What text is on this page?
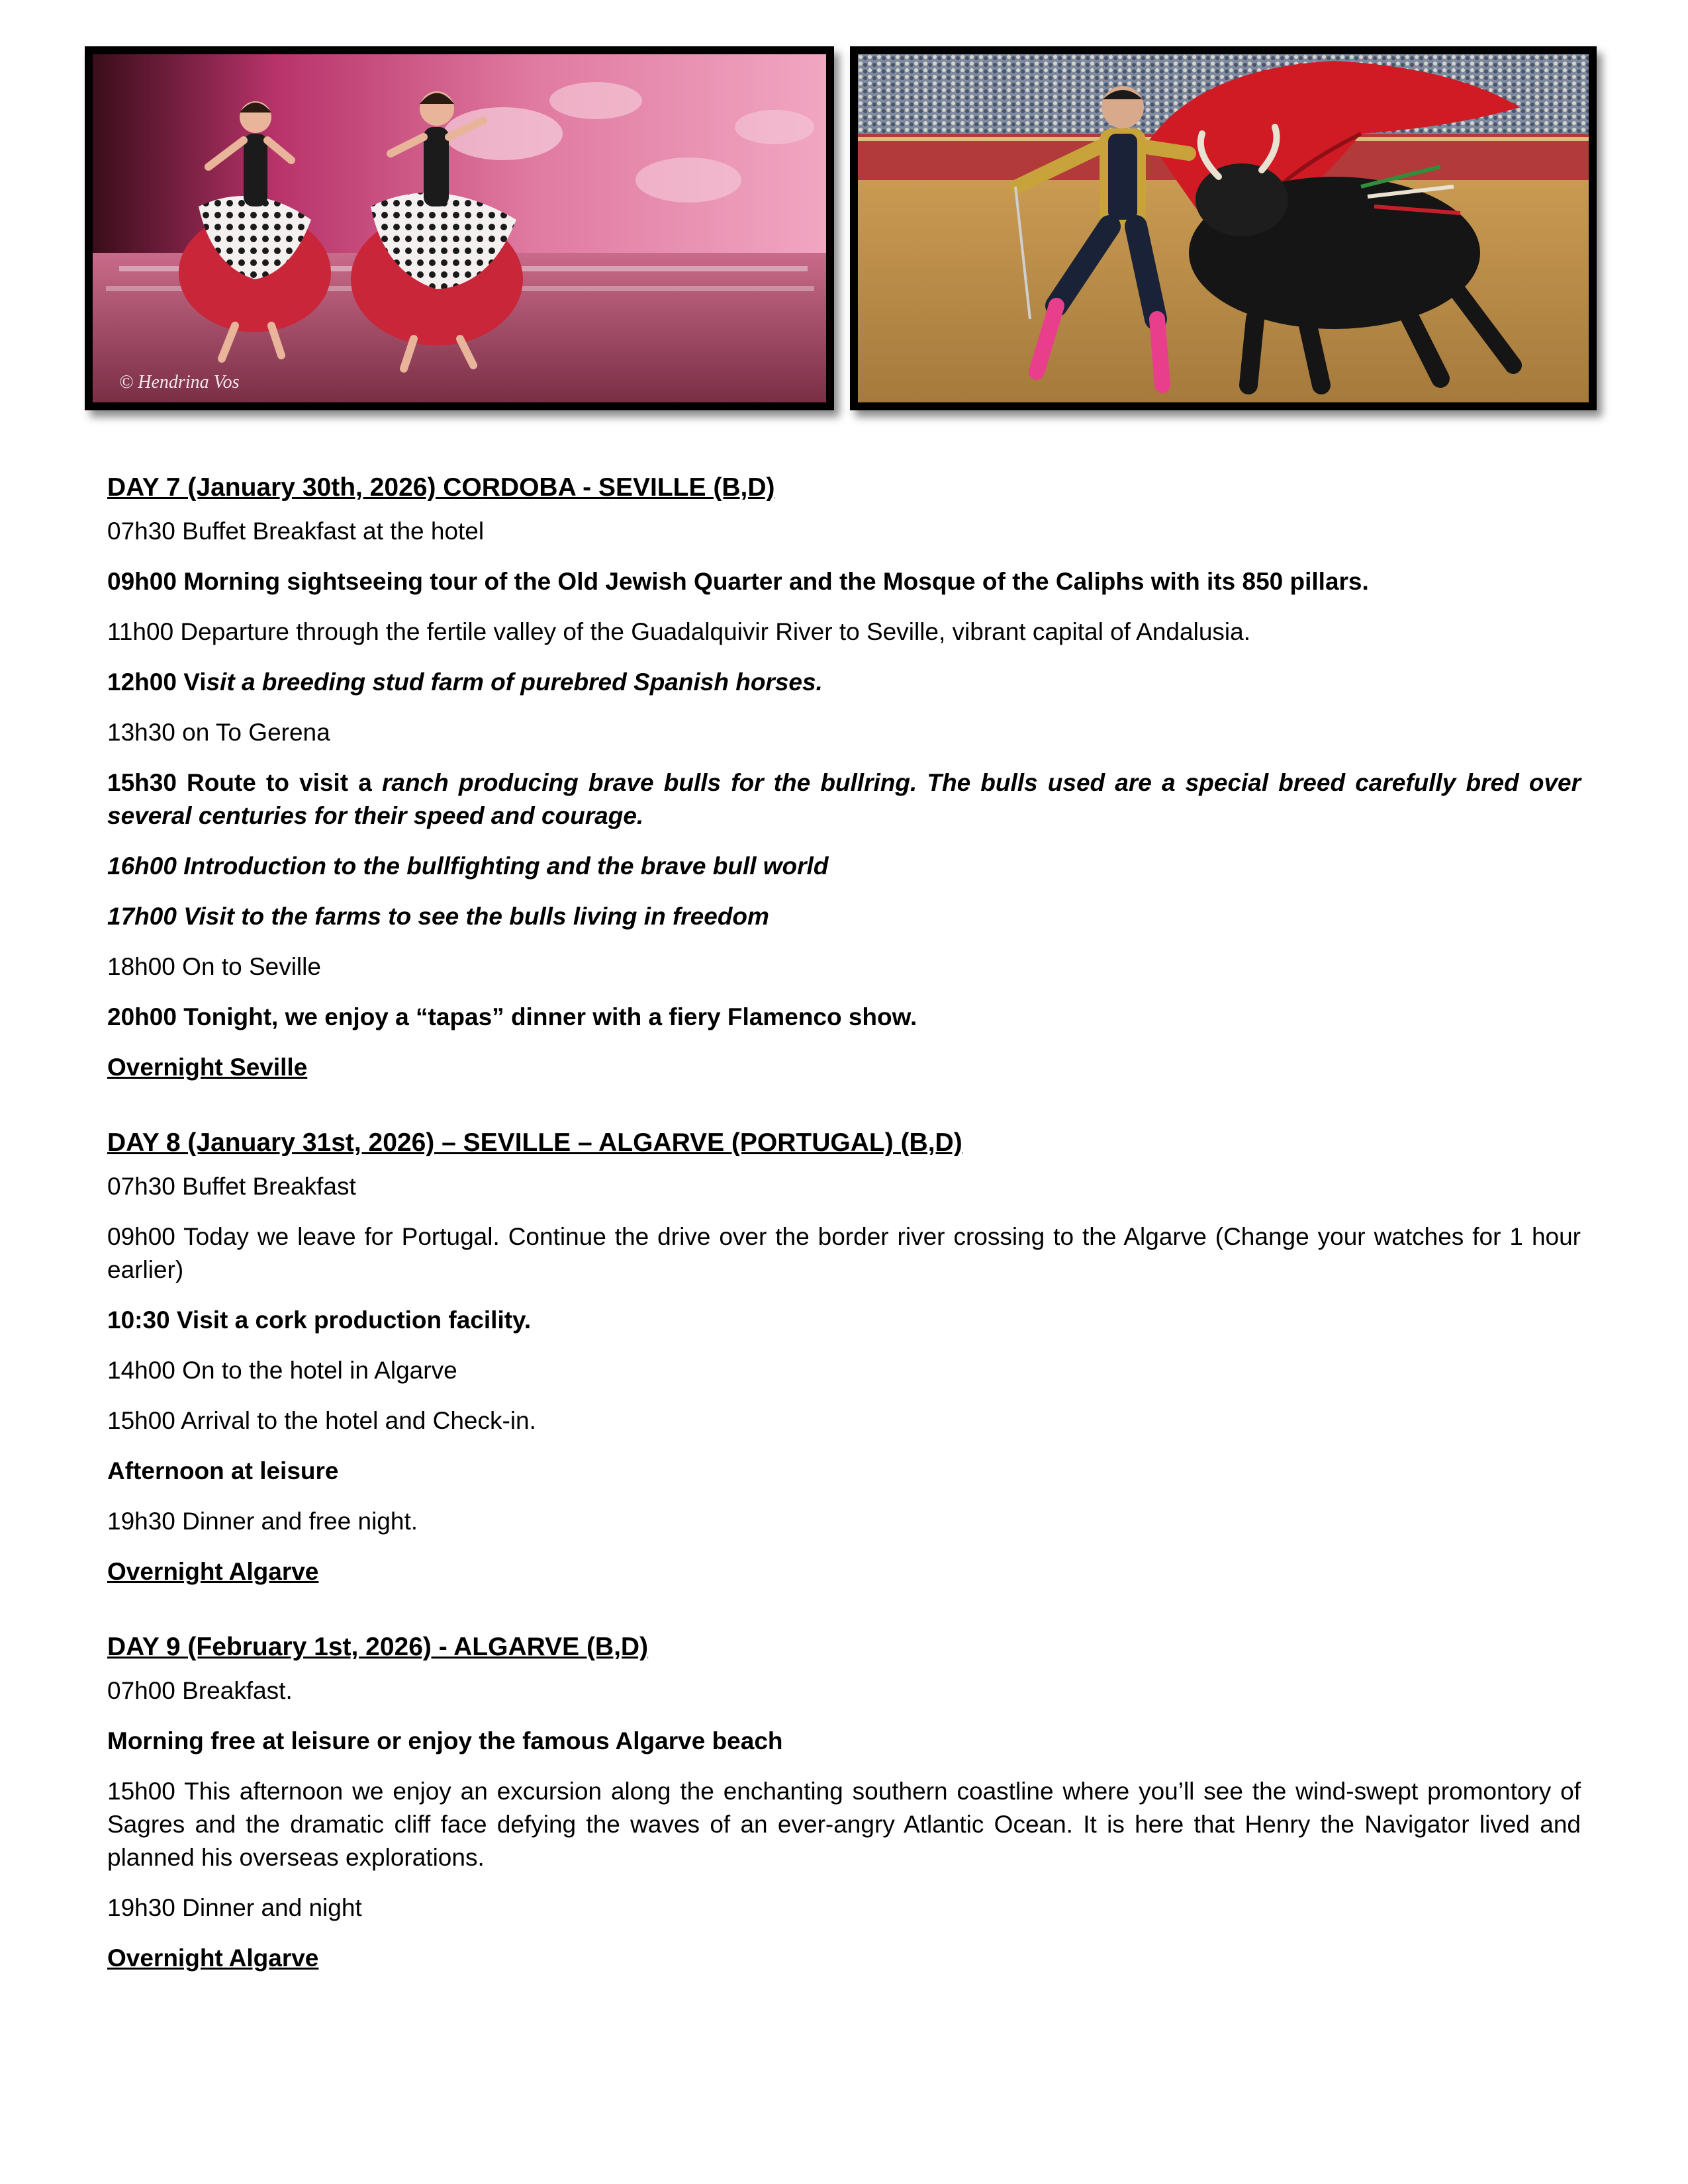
© Hendrina Vos
DAY 7 (January 30th, 2026) CORDOBA - SEVILLE (B,D)

07h30 Buffet Breakfast at the hotel

09h00 Morning sightseeing tour of the Old Jewish Quarter and the Mosque of the Caliphs with its 850 pillars.

11h00 Departure through the fertile valley of the Guadalquivir River to Seville, vibrant capital of Andalusia.

12h00 Visit a breeding stud farm of purebred Spanish horses.

13h30 on To Gerena

15h30 Route to visit a ranch producing brave bulls for the bullring. The bulls used are a special breed carefully bred over several centuries for their speed and courage.

16h00 Introduction to the bullfighting and the brave bull world

17h00 Visit to the farms to see the bulls living in freedom

18h00 On to Seville

20h00 Tonight, we enjoy a “tapas” dinner with a fiery Flamenco show.

Overnight Seville

DAY 8 (January 31st, 2026) – SEVILLE – ALGARVE (PORTUGAL) (B,D)

07h30 Buffet Breakfast

09h00 Today we leave for Portugal. Continue the drive over the border river crossing to the Algarve (Change your watches for 1 hour earlier)

10:30 Visit a cork production facility.

14h00 On to the hotel in Algarve

15h00 Arrival to the hotel and Check-in.

Afternoon at leisure

19h30 Dinner and free night.

Overnight Algarve

DAY 9 (February 1st, 2026) - ALGARVE (B,D)

07h00 Breakfast.

Morning free at leisure or enjoy the famous Algarve beach

15h00 This afternoon we enjoy an excursion along the enchanting southern coastline where you’ll see the wind-swept promontory of Sagres and the dramatic cliff face defying the waves of an ever-angry Atlantic Ocean. It is here that Henry the Navigator lived and planned his overseas explorations.

19h30 Dinner and night

Overnight Algarve
